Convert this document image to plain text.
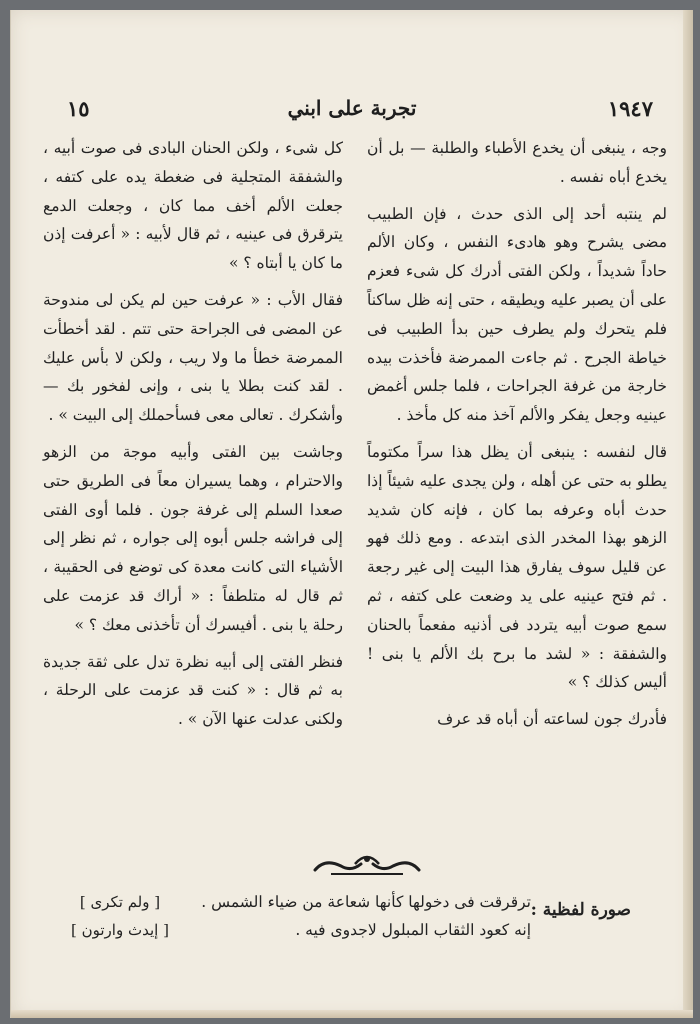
١٩٤٧
تجربة على ابني
١٥

وجه ، ينبغى أن يخدع الأطباء والطلبة — بل أن يخدع أباه نفسه .

لم ينتبه أحد إلى الذى حدث ، فإن الطبيب مضى يشرح وهو هادىء النفس ، وكان الألم حاداً شديداً ، ولكن الفتى أدرك كل شىء فعزم على أن يصبر عليه ويطيقه ، حتى إنه ظل ساكناً فلم يتحرك ولم يطرف حين بدأ الطبيب فى خياطة الجرح . ثم جاءت الممرضة فأخذت بيده خارجة من غرفة الجراحات ، فلما جلس أغمض عينيه وجعل يفكر والألم آخذ منه كل مأخذ .

قال لنفسه : ينبغى أن يظل هذا سراً مكتوماً يطلو به حتى عن أهله ، ولن يجدى عليه شيئاً إذا حدث أباه وعرفه بما كان ، فإنه كان شديد الزهو بهذا المخدر الذى ابتدعه . ومع ذلك فهو عن قليل سوف يفارق هذا البيت إلى غير رجعة . ثم فتح عينيه على يد وضعت على كتفه ، ثم سمع صوت أبيه يتردد فى أذنيه مفعماً بالحنان والشفقة : « لشد ما برح بك الألم يا بنى ! أليس كذلك ؟ »

فأدرك جون لساعته أن أباه قد عرف

كل شىء ، ولكن الحنان البادى فى صوت أبيه ، والشفقة المتجلية فى ضغطة يده على كتفه ، جعلت الألم أخف مما كان ، وجعلت الدمع يترقرق فى عينيه ، ثم قال لأبيه : « أعرفت إذن ما كان يا أبتاه ؟ »

فقال الأب : « عرفت حين لم يكن لى مندوحة عن المضى فى الجراحة حتى تتم . لقد أخطأت الممرضة خطأ ما ولا ريب ، ولكن لا بأس عليك . لقد كنت بطلا يا بنى ، وإنى لفخور بك — وأشكرك . تعالى معى فسأحملك إلى البيت » .

وجاشت بين الفتى وأبيه موجة من الزهو والاحترام ، وهما يسيران معاً فى الطريق حتى صعدا السلم إلى غرفة جون . فلما أوى الفتى إلى فراشه جلس أبوه إلى جواره ، ثم نظر إلى الأشياء التى كانت معدة كى توضع فى الحقيبة ، ثم قال له متلطفاً : « أراك قد عزمت على رحلة يا بنى . أفيسرك أن تأخذنى معك ؟ »

فنظر الفتى إلى أبيه نظرة تدل على ثقة جديدة به ثم قال : « كنت قد عزمت على الرحلة ، ولكنى عدلت عنها الآن » .

صورة لفظية :
ترقرقت فى دخولها كأنها شعاعة من ضياء الشمس .
إنه كعود الثقاب المبلول لاجدوى فيه .
[ ولم تكرى ]
[ إيدث وارتون ]
